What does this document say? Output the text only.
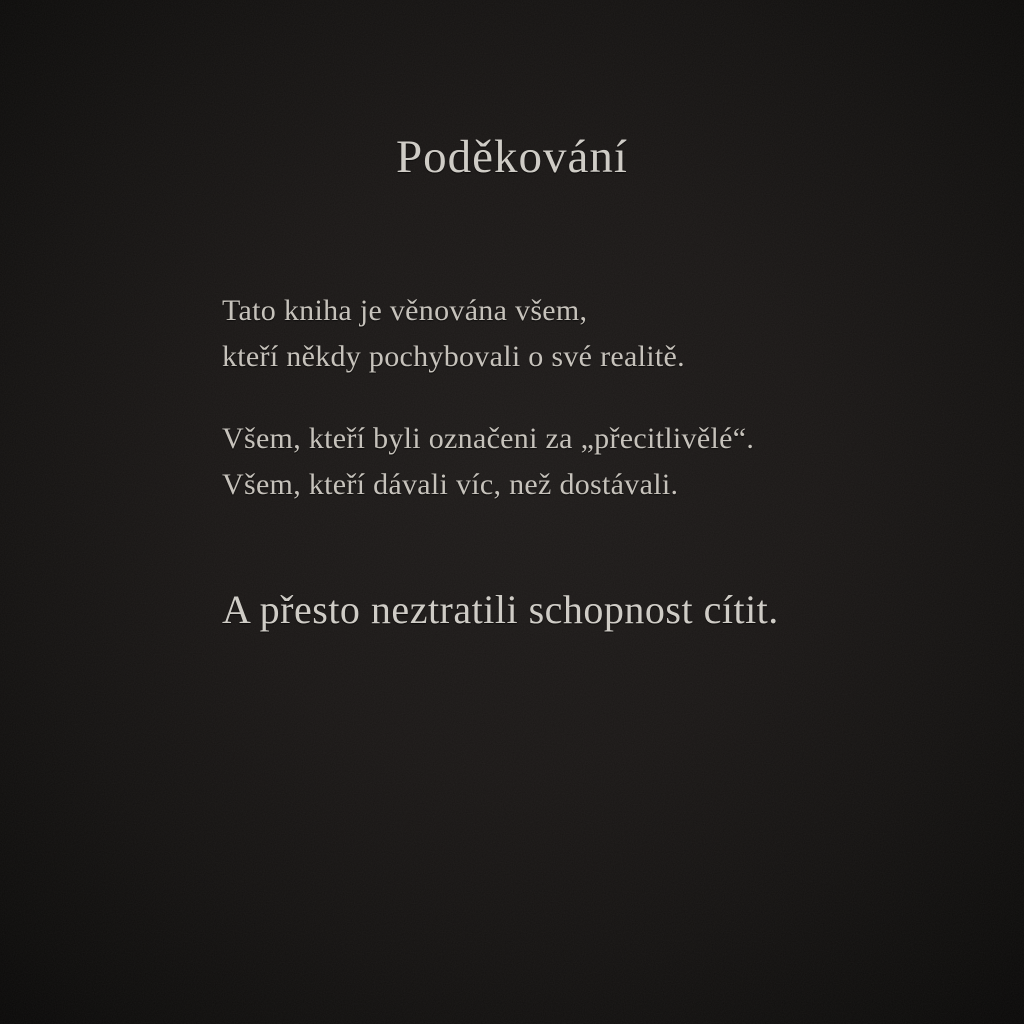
Poděkování
Tato kniha je věnována všem,
kteří někdy pochybovali o své realitě.
Všem, kteří byli označeni za „přecitlivělé“.
Všem, kteří dávali víc, než dostávali.
A přesto neztratili schopnost cítit.
